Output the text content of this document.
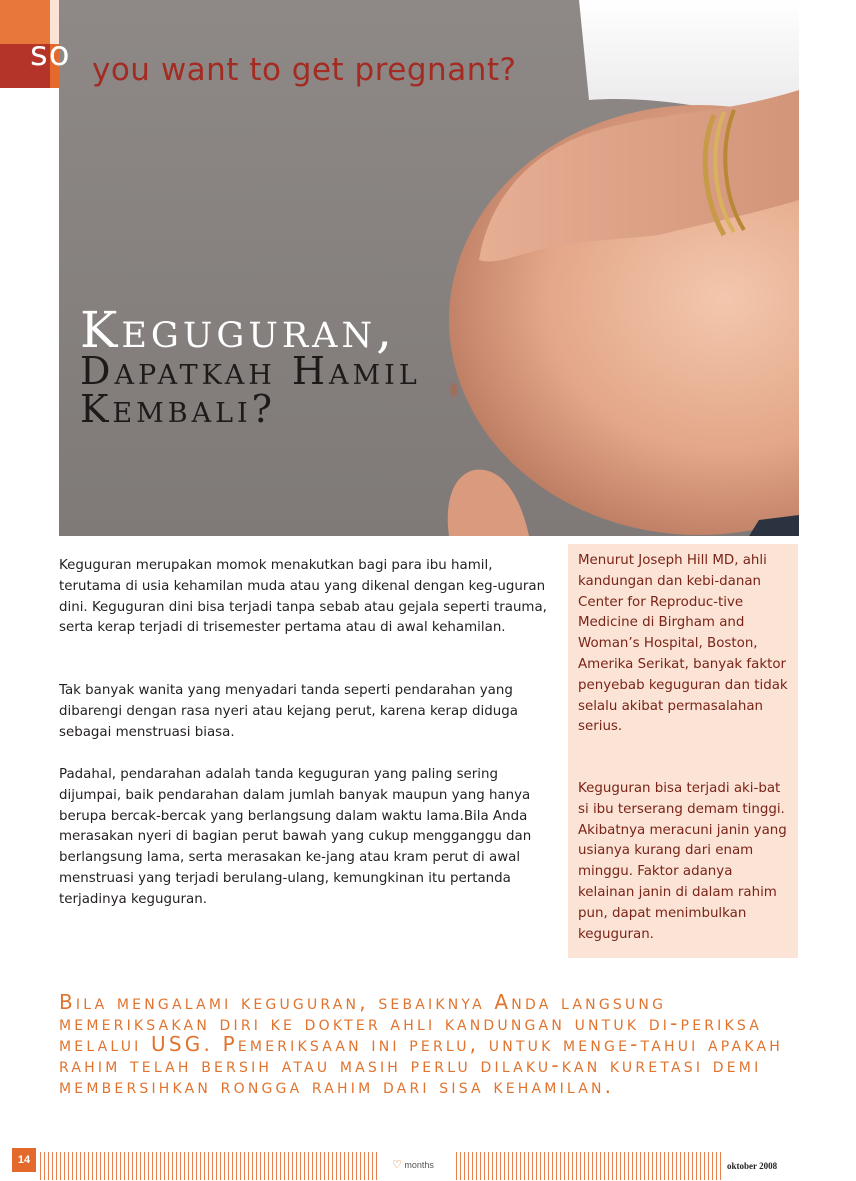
so you want to get pregnant?
Keguguran,
Dapatkah Hamil Kembali?

Keguguran merupakan momok menakutkan bagi para ibu hamil, terutama di usia kehamilan muda atau yang dikenal dengan keg-uguran dini. Keguguran dini bisa terjadi tanpa sebab atau gejala seperti trauma, serta kerap terjadi di trisemester pertama atau di awal kehamilan.

Tak banyak wanita yang menyadari tanda seperti pendarahan yang dibarengi dengan rasa nyeri atau kejang perut, karena kerap diduga sebagai menstruasi biasa.

Padahal, pendarahan adalah tanda keguguran yang paling sering dijumpai, baik pendarahan dalam jumlah banyak maupun yang hanya berupa bercak-bercak yang berlangsung dalam waktu lama.Bila Anda merasakan nyeri di bagian perut bawah yang cukup mengganggu dan berlangsung lama, serta merasakan ke-jang atau kram perut di awal menstruasi yang terjadi berulang-ulang, kemungkinan itu pertanda terjadinya keguguran.

Menurut Joseph Hill MD, ahli kandungan dan kebi-danan Center for Reproduc-tive Medicine di Birgham and Woman’s Hospital, Boston, Amerika Serikat, banyak faktor penyebab keguguran dan tidak selalu akibat permasalahan serius.

Keguguran bisa terjadi aki-bat si ibu terserang demam tinggi. Akibatnya meracuni janin yang usianya kurang dari enam minggu. Faktor adanya kelainan janin di dalam rahim pun, dapat menimbulkan keguguran.

Bila mengalami keguguran, sebaiknya Anda langsung memeriksakan diri ke dokter ahli kandungan untuk di-periksa melalui USG. Pemeriksaan ini perlu, untuk menge-tahui apakah rahim telah bersih atau masih perlu dilaku-kan kuretasi demi membersihkan rongga rahim dari sisa kehamilan.

14	♡ months	oktober 2008
